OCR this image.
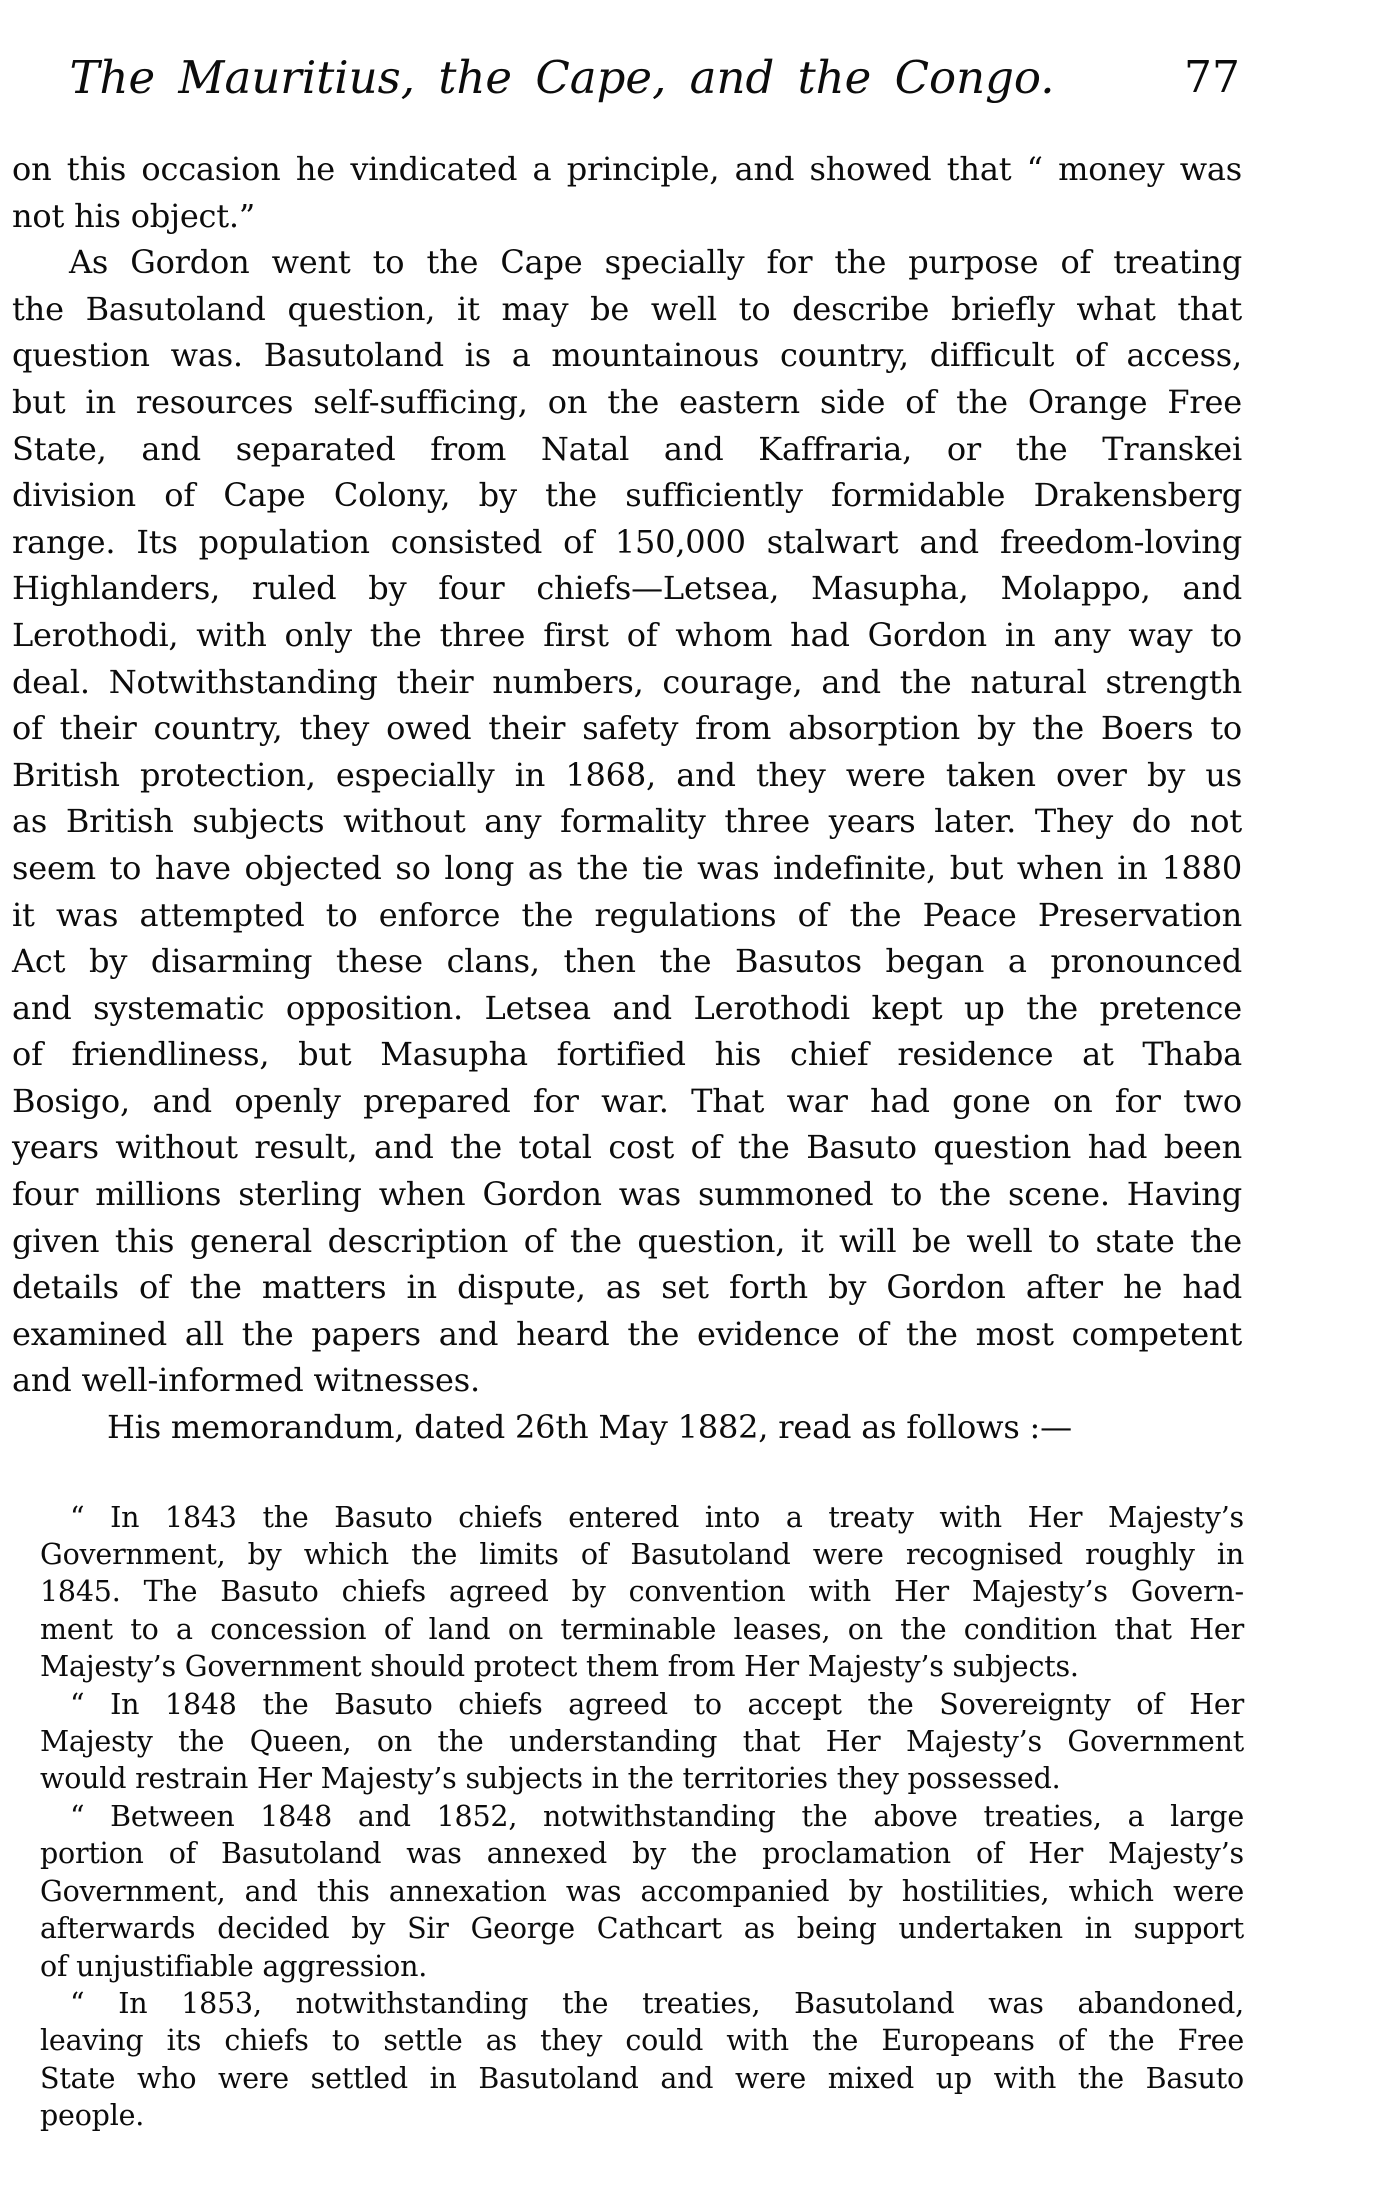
The Mauritius, the Cape, and the Congo.	77
on this occasion he vindicated a principle, and showed that “ money was
not his object.”
As Gordon went to the Cape specially for the purpose of treating
the Basutoland question, it may be well to describe briefly what that
question was. Basutoland is a mountainous country, difficult of access,
but in resources self-sufficing, on the eastern side of the Orange Free
State, and separated from Natal and Kaffraria, or the Transkei
division of Cape Colony, by the sufficiently formidable Drakensberg
range. Its population consisted of 150,000 stalwart and freedom-loving
Highlanders, ruled by four chiefs—Letsea, Masupha, Molappo, and
Lerothodi, with only the three first of whom had Gordon in any way to
deal. Notwithstanding their numbers, courage, and the natural strength
of their country, they owed their safety from absorption by the Boers to
British protection, especially in 1868, and they were taken over by us
as British subjects without any formality three years later. They do not
seem to have objected so long as the tie was indefinite, but when in 1880
it was attempted to enforce the regulations of the Peace Preservation
Act by disarming these clans, then the Basutos began a pronounced
and systematic opposition. Letsea and Lerothodi kept up the pretence
of friendliness, but Masupha fortified his chief residence at Thaba
Bosigo, and openly prepared for war. That war had gone on for two
years without result, and the total cost of the Basuto question had been
four millions sterling when Gordon was summoned to the scene. Having
given this general description of the question, it will be well to state the
details of the matters in dispute, as set forth by Gordon after he had
examined all the papers and heard the evidence of the most competent
and well-informed witnesses.
His memorandum, dated 26th May 1882, read as follows :—
“ In 1843 the Basuto chiefs entered into a treaty with Her Majesty’s
Government, by which the limits of Basutoland were recognised roughly in
1845. The Basuto chiefs agreed by convention with Her Majesty’s Govern-
ment to a concession of land on terminable leases, on the condition that Her
Majesty’s Government should protect them from Her Majesty’s subjects.
“ In 1848 the Basuto chiefs agreed to accept the Sovereignty of Her
Majesty the Queen, on the understanding that Her Majesty’s Government
would restrain Her Majesty’s subjects in the territories they possessed.
“ Between 1848 and 1852, notwithstanding the above treaties, a large
portion of Basutoland was annexed by the proclamation of Her Majesty’s
Government, and this annexation was accompanied by hostilities, which were
afterwards decided by Sir George Cathcart as being undertaken in support
of unjustifiable aggression.
“ In 1853, notwithstanding the treaties, Basutoland was abandoned,
leaving its chiefs to settle as they could with the Europeans of the Free
State who were settled in Basutoland and were mixed up with the Basuto
people.
